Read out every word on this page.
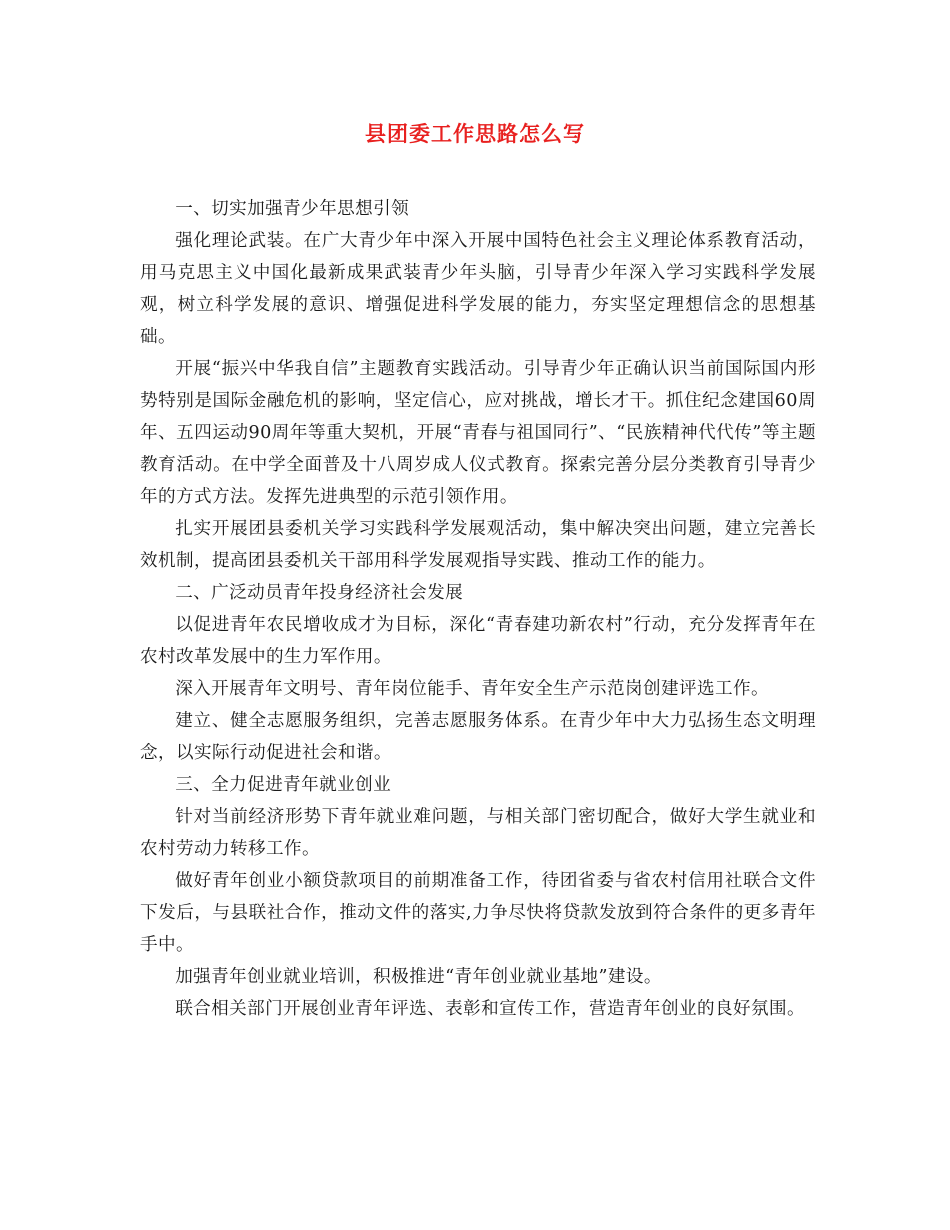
县团委工作思路怎么写

一、切实加强青少年思想引领

强化理论武装。在广大青少年中深入开展中国特色社会主义理论体系教育活动，用马克思主义中国化最新成果武装青少年头脑，引导青少年深入学习实践科学发展观，树立科学发展的意识、增强促进科学发展的能力，夯实坚定理想信念的思想基础。

开展“振兴中华我自信”主题教育实践活动。引导青少年正确认识当前国际国内形势特别是国际金融危机的影响，坚定信心，应对挑战，增长才干。抓住纪念建国60周年、五四运动90周年等重大契机，开展“青春与祖国同行”、“民族精神代代传”等主题教育活动。在中学全面普及十八周岁成人仪式教育。探索完善分层分类教育引导青少年的方式方法。发挥先进典型的示范引领作用。

扎实开展团县委机关学习实践科学发展观活动，集中解决突出问题，建立完善长效机制，提高团县委机关干部用科学发展观指导实践、推动工作的能力。

二、广泛动员青年投身经济社会发展

以促进青年农民增收成才为目标，深化“青春建功新农村”行动，充分发挥青年在农村改革发展中的生力军作用。

深入开展青年文明号、青年岗位能手、青年安全生产示范岗创建评选工作。

建立、健全志愿服务组织，完善志愿服务体系。在青少年中大力弘扬生态文明理念，以实际行动促进社会和谐。

三、全力促进青年就业创业

针对当前经济形势下青年就业难问题，与相关部门密切配合，做好大学生就业和农村劳动力转移工作。

做好青年创业小额贷款项目的前期准备工作，待团省委与省农村信用社联合文件下发后，与县联社合作，推动文件的落实,力争尽快将贷款发放到符合条件的更多青年手中。

加强青年创业就业培训，积极推进“青年创业就业基地”建设。

联合相关部门开展创业青年评选、表彰和宣传工作，营造青年创业的良好氛围。
